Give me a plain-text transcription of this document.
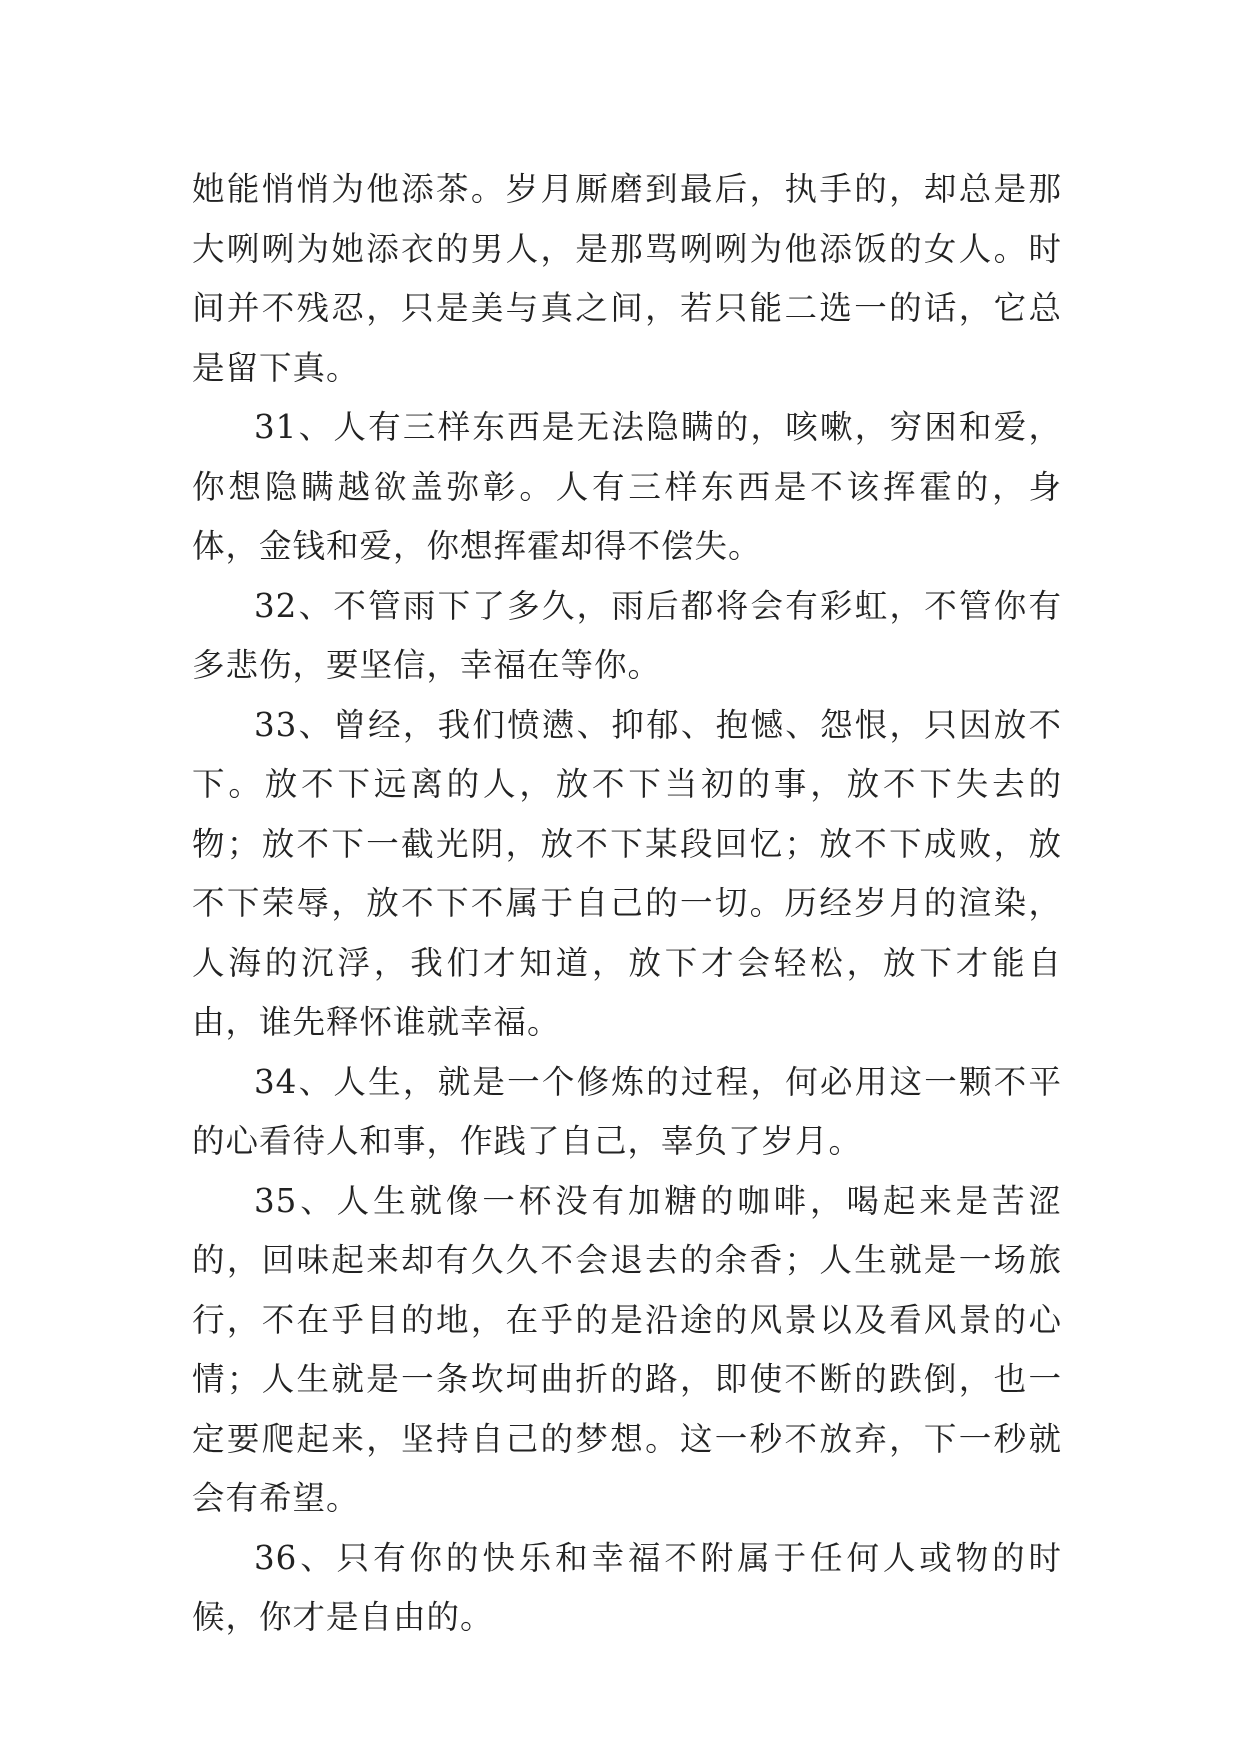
她能悄悄为他添茶。岁月厮磨到最后，执手的，却总是那大咧咧为她添衣的男人，是那骂咧咧为他添饭的女人。时间并不残忍，只是美与真之间，若只能二选一的话，它总是留下真。

31、人有三样东西是无法隐瞒的，咳嗽，穷困和爱，你想隐瞒越欲盖弥彰。人有三样东西是不该挥霍的，身体，金钱和爱，你想挥霍却得不偿失。

32、不管雨下了多久，雨后都将会有彩虹，不管你有多悲伤，要坚信，幸福在等你。

33、曾经，我们愤懑、抑郁、抱憾、怨恨，只因放不下。放不下远离的人，放不下当初的事，放不下失去的物；放不下一截光阴，放不下某段回忆；放不下成败，放不下荣辱，放不下不属于自己的一切。历经岁月的渲染，人海的沉浮，我们才知道，放下才会轻松，放下才能自由，谁先释怀谁就幸福。

34、人生，就是一个修炼的过程，何必用这一颗不平的心看待人和事，作践了自己，辜负了岁月。

35、人生就像一杯没有加糖的咖啡，喝起来是苦涩的，回味起来却有久久不会退去的余香；人生就是一场旅行，不在乎目的地，在乎的是沿途的风景以及看风景的心情；人生就是一条坎坷曲折的路，即使不断的跌倒，也一定要爬起来，坚持自己的梦想。这一秒不放弃，下一秒就会有希望。

36、只有你的快乐和幸福不附属于任何人或物的时候，你才是自由的。
